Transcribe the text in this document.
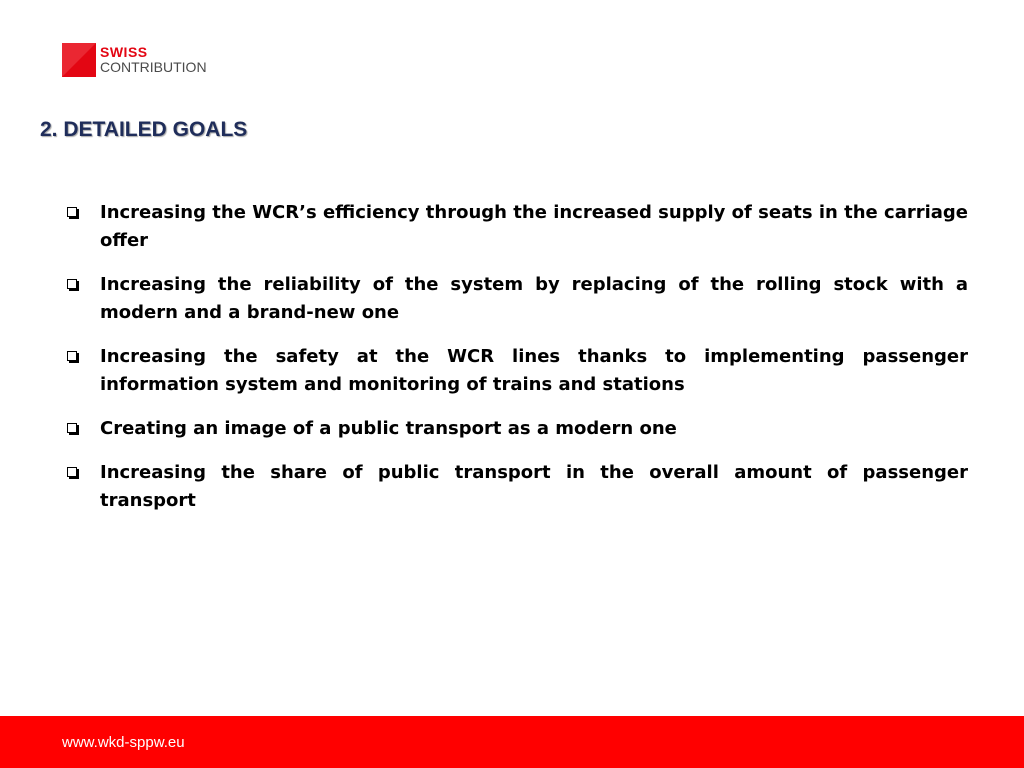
SWISS
CONTRIBUTION
2. DETAILED GOALS
Increasing the WCR’s efficiency through the increased supply of seats in the carriage offer
Increasing the reliability of the system by replacing of the rolling stock with a modern and a brand-new one
Increasing the safety at the WCR lines thanks to implementing passenger information system and monitoring of trains and stations
Creating an image of a public transport as a modern one
Increasing the share of public transport in the overall amount of passenger transport
www.wkd-sppw.eu
